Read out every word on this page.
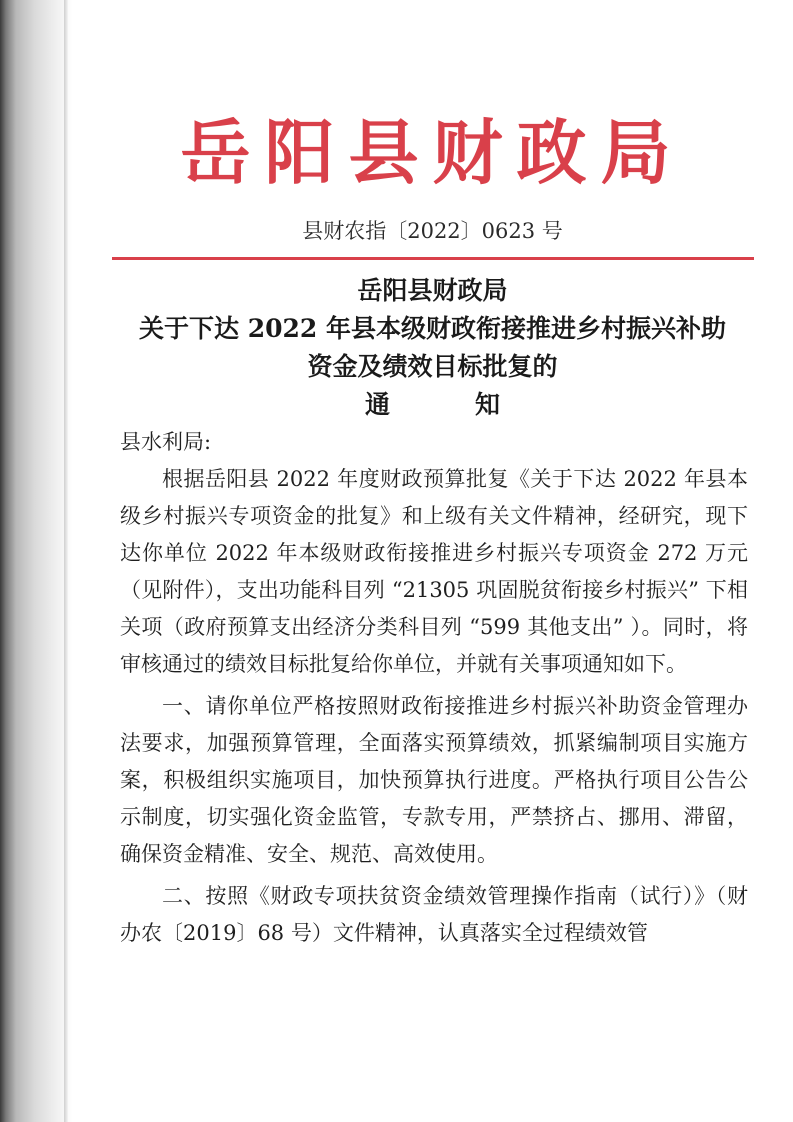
岳阳县财政局
县财农指〔2022〕0623 号
岳阳县财政局
关于下达 2022 年县本级财政衔接推进乡村振兴补助
资金及绩效目标批复的
通　知

县水利局:

根据岳阳县 2022 年度财政预算批复《关于下达 2022 年县本级乡村振兴专项资金的批复》和上级有关文件精神，经研究，现下达你单位 2022 年本级财政衔接推进乡村振兴专项资金 272 万元（见附件），支出功能科目列 “21305 巩固脱贫衔接乡村振兴” 下相关项（政府预算支出经济分类科目列 “599 其他支出” ）。同时，将审核通过的绩效目标批复给你单位，并就有关事项通知如下。

一、请你单位严格按照财政衔接推进乡村振兴补助资金管理办法要求，加强预算管理，全面落实预算绩效，抓紧编制项目实施方案，积极组织实施项目，加快预算执行进度。严格执行项目公告公示制度，切实强化资金监管，专款专用，严禁挤占、挪用、滞留，确保资金精准、安全、规范、高效使用。

二、按照《财政专项扶贫资金绩效管理操作指南（试行）》（财办农〔2019〕68 号）文件精神，认真落实全过程绩效管
